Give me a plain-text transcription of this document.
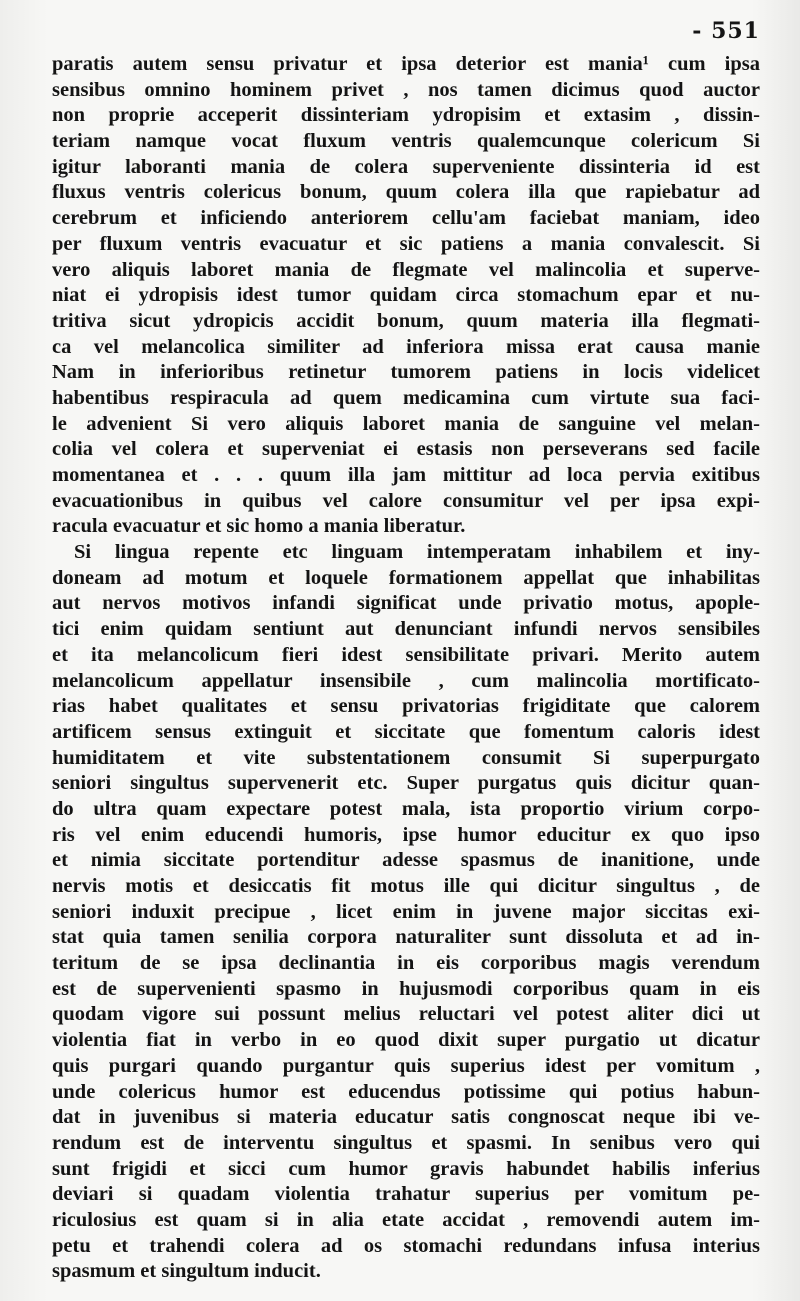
- 551
paratis autem sensu privatur et ipsa deterior est mania¹ cum ipsa
sensibus omnino hominem privet , nos tamen dicimus quod auctor
non proprie acceperit dissinteriam ydropisim et extasim , dissin-
teriam namque vocat fluxum ventris qualemcunque colericum Si
igitur laboranti mania de colera superveniente dissinteria id est
fluxus ventris colericus bonum, quum colera illa que rapiebatur ad
cerebrum et inficiendo anteriorem cellu'am faciebat maniam, ideo
per fluxum ventris evacuatur et sic patiens a mania convalescit. Si
vero aliquis laboret mania de flegmate vel malincolia et superve-
niat ei ydropisis idest tumor quidam circa stomachum epar et nu-
tritiva sicut ydropicis accidit bonum, quum materia illa flegmati-
ca vel melancolica similiter ad inferiora missa erat causa manie
Nam in inferioribus retinetur tumorem patiens in locis videlicet
habentibus respiracula ad quem medicamina cum virtute sua faci-
le advenient Si vero aliquis laboret mania de sanguine vel melan-
colia vel colera et superveniat ei estasis non perseverans sed facile
momentanea et . . . quum illa jam mittitur ad loca pervia exitibus
evacuationibus in quibus vel calore consumitur vel per ipsa expi-
racula evacuatur et sic homo a mania liberatur.
Si lingua repente etc linguam intemperatam inhabilem et iny-
doneam ad motum et loquele formationem appellat que inhabilitas
aut nervos motivos infandi significat unde privatio motus, apople-
tici enim quidam sentiunt aut denunciant infundi nervos sensibiles
et ita melancolicum fieri idest sensibilitate privari. Merito autem
melancolicum appellatur insensibile , cum malincolia mortificato-
rias habet qualitates et sensu privatorias frigiditate que calorem
artificem sensus extinguit et siccitate que fomentum caloris idest
humiditatem et vite substentationem consumit Si superpurgato
seniori singultus supervenerit etc. Super purgatus quis dicitur quan-
do ultra quam expectare potest mala, ista proportio virium corpo-
ris vel enim educendi humoris, ipse humor educitur ex quo ipso
et nimia siccitate portenditur adesse spasmus de inanitione, unde
nervis motis et desiccatis fit motus ille qui dicitur singultus , de
seniori induxit precipue , licet enim in juvene major siccitas exi-
stat quia tamen senilia corpora naturaliter sunt dissoluta et ad in-
teritum de se ipsa declinantia in eis corporibus magis verendum
est de supervenienti spasmo in hujusmodi corporibus quam in eis
quodam vigore sui possunt melius reluctari vel potest aliter dici ut
violentia fiat in verbo in eo quod dixit super purgatio ut dicatur
quis purgari quando purgantur quis superius idest per vomitum ,
unde colericus humor est educendus potissime qui potius habun-
dat in juvenibus si materia educatur satis congnoscat neque ibi ve-
rendum est de interventu singultus et spasmi. In senibus vero qui
sunt frigidi et sicci cum humor gravis habundet habilis inferius
deviari si quadam violentia trahatur superius per vomitum pe-
riculosius est quam si in alia etate accidat , removendi autem im-
petu et trahendi colera ad os stomachi redundans infusa interius
spasmum et singultum inducit.
